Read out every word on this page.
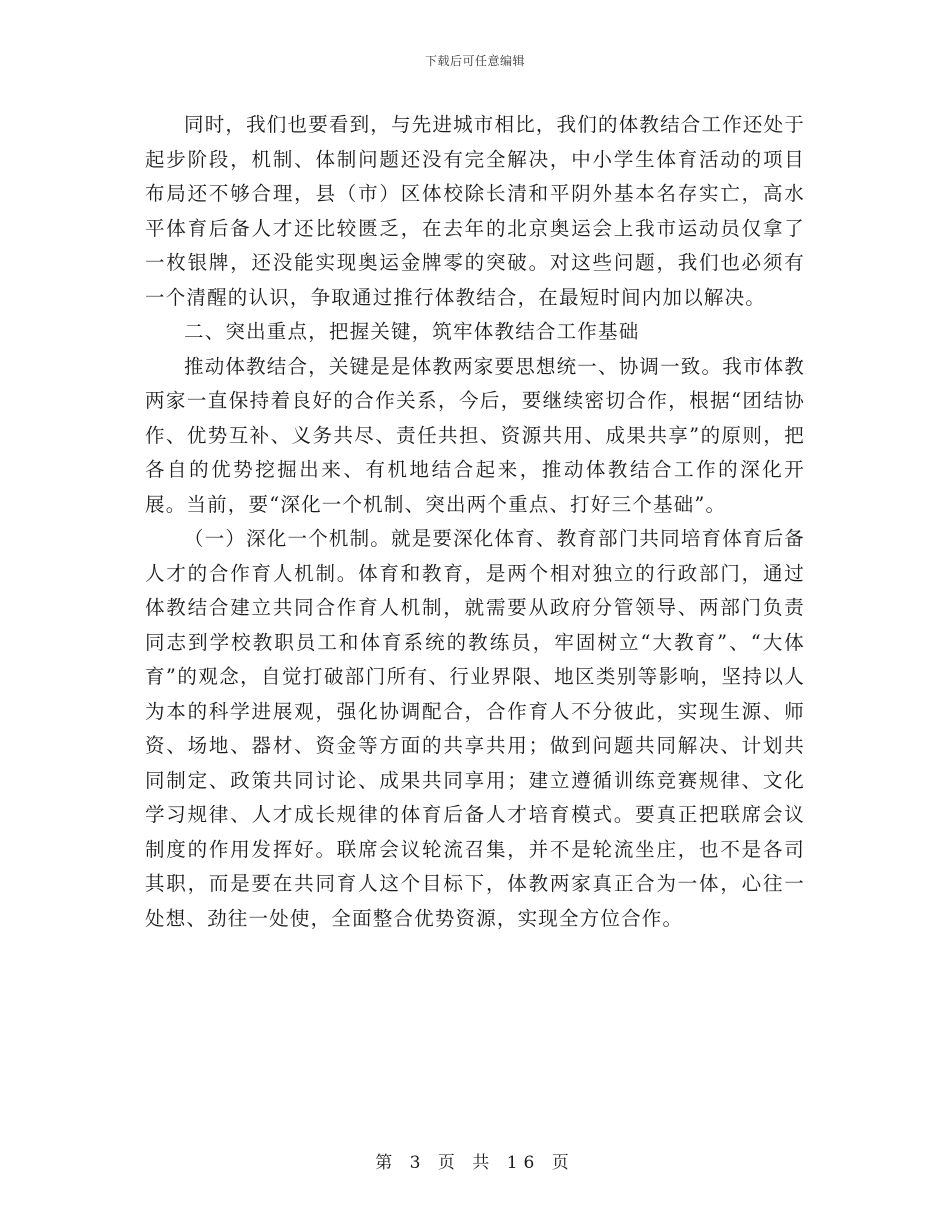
下载后可任意编辑

同时，我们也要看到，与先进城市相比，我们的体教结合工作还处于起步阶段，机制、体制问题还没有完全解决，中小学生体育活动的项目布局还不够合理，县（市）区体校除长清和平阴外基本名存实亡，高水平体育后备人才还比较匮乏，在去年的北京奥运会上我市运动员仅拿了一枚银牌，还没能实现奥运金牌零的突破。对这些问题，我们也必须有一个清醒的认识，争取通过推行体教结合，在最短时间内加以解决。

二、突出重点，把握关键，筑牢体教结合工作基础

推动体教结合，关键是是体教两家要思想统一、协调一致。我市体教两家一直保持着良好的合作关系，今后，要继续密切合作，根据“团结协作、优势互补、义务共尽、责任共担、资源共用、成果共享”的原则，把各自的优势挖掘出来、有机地结合起来，推动体教结合工作的深化开展。当前，要“深化一个机制、突出两个重点、打好三个基础”。

（一）深化一个机制。就是要深化体育、教育部门共同培育体育后备人才的合作育人机制。体育和教育，是两个相对独立的行政部门，通过体教结合建立共同合作育人机制，就需要从政府分管领导、两部门负责同志到学校教职员工和体育系统的教练员，牢固树立“大教育”、“大体育”的观念，自觉打破部门所有、行业界限、地区类别等影响，坚持以人为本的科学进展观，强化协调配合，合作育人不分彼此，实现生源、师资、场地、器材、资金等方面的共享共用；做到问题共同解决、计划共同制定、政策共同讨论、成果共同享用；建立遵循训练竞赛规律、文化学习规律、人才成长规律的体育后备人才培育模式。要真正把联席会议制度的作用发挥好。联席会议轮流召集，并不是轮流坐庄，也不是各司其职，而是要在共同育人这个目标下，体教两家真正合为一体，心往一处想、劲往一处使，全面整合优势资源，实现全方位合作。

第 3 页 共 16 页
